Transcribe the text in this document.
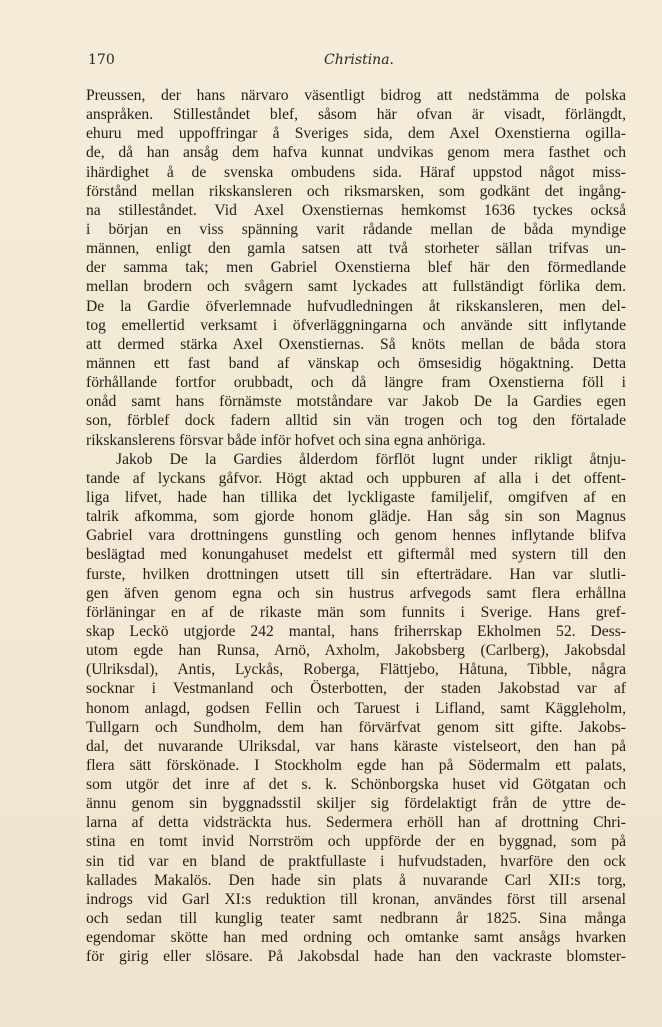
170	Christina.

Preussen, der hans närvaro väsentligt bidrog att nedstämma de polska
anspråken. Stilleståndet blef, såsom här ofvan är visadt, förlängdt,
ehuru med uppoffringar å Sveriges sida, dem Axel Oxenstierna ogilla-
de, då han ansåg dem hafva kunnat undvikas genom mera fasthet och
ihärdighet å de svenska ombudens sida. Häraf uppstod något miss-
förstånd mellan rikskansleren och riksmarsken, som godkänt det ingång-
na stilleståndet. Vid Axel Oxenstiernas hemkomst 1636 tyckes också
i början en viss spänning varit rådande mellan de båda myndige
männen, enligt den gamla satsen att två storheter sällan trifvas un-
der samma tak; men Gabriel Oxenstierna blef här den förmedlande
mellan brodern och svågern samt lyckades att fullständigt förlika dem.
De la Gardie öfverlemnade hufvudledningen åt rikskansleren, men del-
tog emellertid verksamt i öfverläggningarna och använde sitt inflytande
att dermed stärka Axel Oxenstiernas. Så knöts mellan de båda stora
männen ett fast band af vänskap och ömsesidig högaktning. Detta
förhållande fortfor orubbadt, och då längre fram Oxenstierna föll i
onåd samt hans förnämste motståndare var Jakob De la Gardies egen
son, förblef dock fadern alltid sin vän trogen och tog den förtalade
rikskanslerens försvar både inför hofvet och sina egna anhöriga.

Jakob De la Gardies ålderdom förflöt lugnt under rikligt åtnju-
tande af lyckans gåfvor. Högt aktad och uppburen af alla i det offent-
liga lifvet, hade han tillika det lyckligaste familjelif, omgifven af en
talrik afkomma, som gjorde honom glädje. Han såg sin son Magnus
Gabriel vara drottningens gunstling och genom hennes inflytande blifva
beslägtad med konungahuset medelst ett giftermål med systern till den
furste, hvilken drottningen utsett till sin efterträdare. Han var slutli-
gen äfven genom egna och sin hustrus arfvegods samt flera erhållna
förläningar en af de rikaste män som funnits i Sverige. Hans gref-
skap Leckö utgjorde 242 mantal, hans friherrskap Ekholmen 52. Dess-
utom egde han Runsa, Arnö, Axholm, Jakobsberg (Carlberg), Jakobsdal
(Ulriksdal), Antis, Lyckås, Roberga, Flättjebo, Håtuna, Tibble, några
socknar i Vestmanland och Österbotten, der staden Jakobstad var af
honom anlagd, godsen Fellin och Taruest i Lifland, samt Käggleholm,
Tullgarn och Sundholm, dem han förvärfvat genom sitt gifte. Jakobs-
dal, det nuvarande Ulriksdal, var hans käraste vistelseort, den han på
flera sätt förskönade. I Stockholm egde han på Södermalm ett palats,
som utgör det inre af det s. k. Schönborgska huset vid Götgatan och
ännu genom sin byggnadsstil skiljer sig fördelaktigt från de yttre de-
larna af detta vidsträckta hus. Sedermera erhöll han af drottning Chri-
stina en tomt invid Norrström och uppförde der en byggnad, som på
sin tid var en bland de praktfullaste i hufvudstaden, hvarföre den ock
kallades Makalös. Den hade sin plats å nuvarande Carl XII:s torg,
indrogs vid Garl XI:s reduktion till kronan, användes först till arsenal
och sedan till kunglig teater samt nedbrann år 1825. Sina många
egendomar skötte han med ordning och omtanke samt ansågs hvarken
för girig eller slösare. På Jakobsdal hade han den vackraste blomster-
